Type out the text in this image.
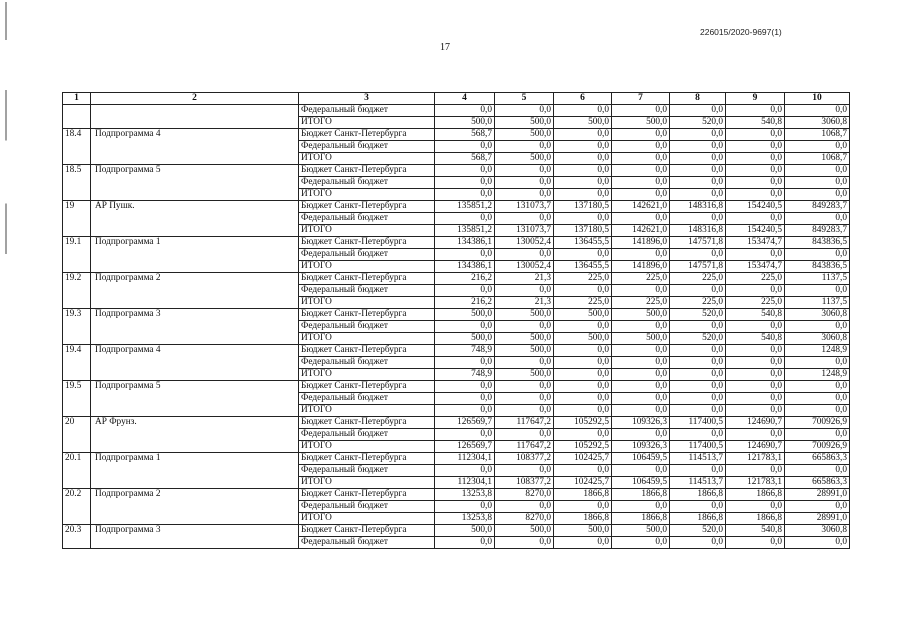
226015/2020-9697(1)
17
1	2	3	4	5	6	7	8	9	10
		Федеральный бюджет	0,0	0,0	0,0	0,0	0,0	0,0	0,0
		ИТОГО	500,0	500,0	500,0	500,0	520,0	540,8	3060,8
18.4	Подпрограмма 4	Бюджет Санкт-Петербурга	568,7	500,0	0,0	0,0	0,0	0,0	1068,7
		Федеральный бюджет	0,0	0,0	0,0	0,0	0,0	0,0	0,0
		ИТОГО	568,7	500,0	0,0	0,0	0,0	0,0	1068,7
18.5	Подпрограмма 5	Бюджет Санкт-Петербурга	0,0	0,0	0,0	0,0	0,0	0,0	0,0
		Федеральный бюджет	0,0	0,0	0,0	0,0	0,0	0,0	0,0
		ИТОГО	0,0	0,0	0,0	0,0	0,0	0,0	0,0
19	АР Пушк.	Бюджет Санкт-Петербурга	135851,2	131073,7	137180,5	142621,0	148316,8	154240,5	849283,7
		Федеральный бюджет	0,0	0,0	0,0	0,0	0,0	0,0	0,0
		ИТОГО	135851,2	131073,7	137180,5	142621,0	148316,8	154240,5	849283,7
19.1	Подпрограмма 1	Бюджет Санкт-Петербурга	134386,1	130052,4	136455,5	141896,0	147571,8	153474,7	843836,5
		Федеральный бюджет	0,0	0,0	0,0	0,0	0,0	0,0	0,0
		ИТОГО	134386,1	130052,4	136455,5	141896,0	147571,8	153474,7	843836,5
19.2	Подпрограмма 2	Бюджет Санкт-Петербурга	216,2	21,3	225,0	225,0	225,0	225,0	1137,5
		Федеральный бюджет	0,0	0,0	0,0	0,0	0,0	0,0	0,0
		ИТОГО	216,2	21,3	225,0	225,0	225,0	225,0	1137,5
19.3	Подпрограмма 3	Бюджет Санкт-Петербурга	500,0	500,0	500,0	500,0	520,0	540,8	3060,8
		Федеральный бюджет	0,0	0,0	0,0	0,0	0,0	0,0	0,0
		ИТОГО	500,0	500,0	500,0	500,0	520,0	540,8	3060,8
19.4	Подпрограмма 4	Бюджет Санкт-Петербурга	748,9	500,0	0,0	0,0	0,0	0,0	1248,9
		Федеральный бюджет	0,0	0,0	0,0	0,0	0,0	0,0	0,0
		ИТОГО	748,9	500,0	0,0	0,0	0,0	0,0	1248,9
19.5	Подпрограмма 5	Бюджет Санкт-Петербурга	0,0	0,0	0,0	0,0	0,0	0,0	0,0
		Федеральный бюджет	0,0	0,0	0,0	0,0	0,0	0,0	0,0
		ИТОГО	0,0	0,0	0,0	0,0	0,0	0,0	0,0
20	АР Фрунз.	Бюджет Санкт-Петербурга	126569,7	117647,2	105292,5	109326,3	117400,5	124690,7	700926,9
		Федеральный бюджет	0,0	0,0	0,0	0,0	0,0	0,0	0,0
		ИТОГО	126569,7	117647,2	105292,5	109326,3	117400,5	124690,7	700926,9
20.1	Подпрограмма 1	Бюджет Санкт-Петербурга	112304,1	108377,2	102425,7	106459,5	114513,7	121783,1	665863,3
		Федеральный бюджет	0,0	0,0	0,0	0,0	0,0	0,0	0,0
		ИТОГО	112304,1	108377,2	102425,7	106459,5	114513,7	121783,1	665863,3
20.2	Подпрограмма 2	Бюджет Санкт-Петербурга	13253,8	8270,0	1866,8	1866,8	1866,8	1866,8	28991,0
		Федеральный бюджет	0,0	0,0	0,0	0,0	0,0	0,0	0,0
		ИТОГО	13253,8	8270,0	1866,8	1866,8	1866,8	1866,8	28991,0
20.3	Подпрограмма 3	Бюджет Санкт-Петербурга	500,0	500,0	500,0	500,0	520,0	540,8	3060,8
		Федеральный бюджет	0,0	0,0	0,0	0,0	0,0	0,0	0,0
